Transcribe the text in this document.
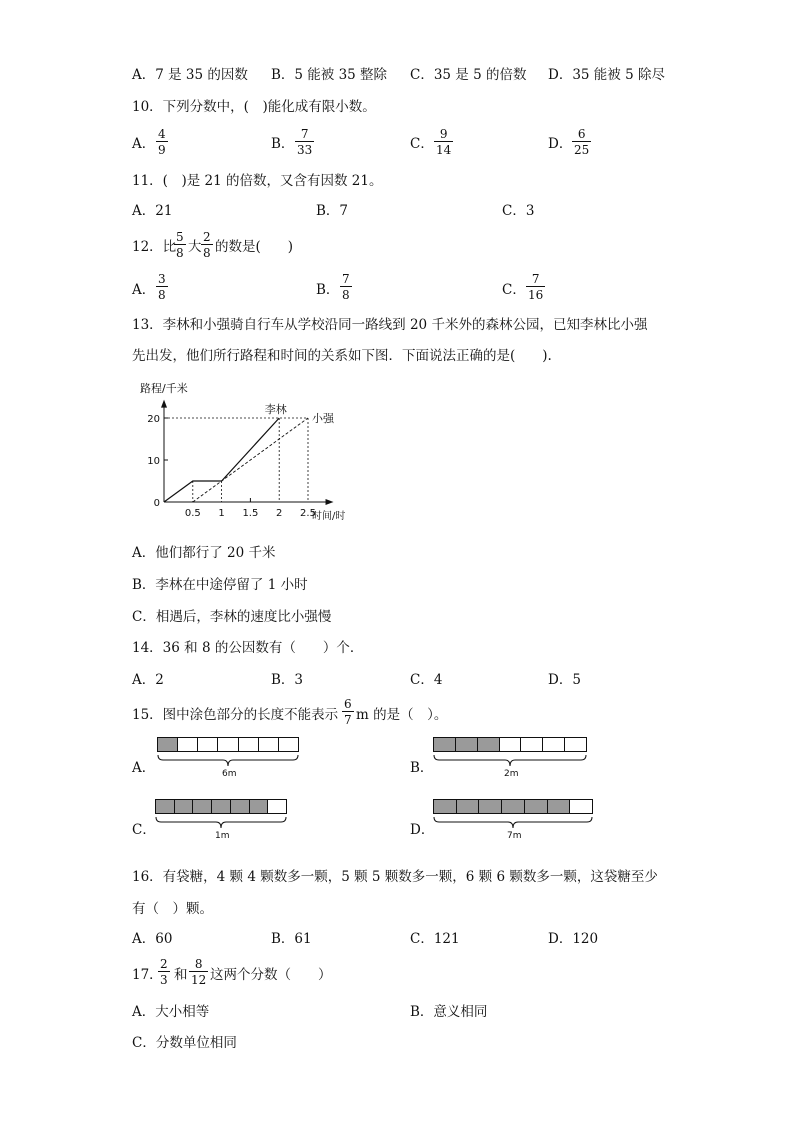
A．7 是 35 的因数 B．5 能被 35 整除 C．35 是 5 的倍数 D．35 能被 5 除尽
10．下列分数中，(　)能化成有限小数。
A． $\frac{4}{9}$	B． $\frac{7}{33}$	C． $\frac{9}{14}$	D． $\frac{6}{25}$
11．(　)是 21 的倍数，又含有因数 21。
A．21	B．7	C．3
12．比
$\frac{5}{8}$ 大 $\frac{2}{8}$ 的数是(　　)
A． $\frac{3}{8}$	B． $\frac{7}{8}$	C． $\frac{7}{16}$
13．李林和小强骑自行车从学校沿同一路线到 20 千米外的森林公园，已知李林比小强
先出发，他们所行路程和时间的关系如下图．下面说法正确的是(　　).
路程/千米
时间/时
0
10
20
0.5 1 1.5 2 2.5
李林
小强
A．他们都行了 20 千米
B．李林在中途停留了 1 小时
C．相遇后，李林的速度比小强慢
14．36 和 8 的公因数有（　　）个．
A．2	B．3	C．4	D．5
15．图中涂色部分的长度不能表示 $\frac{6}{7}$ m 的是（　）。
A．	6m	B．	2m
C．	1m	D．	7m
16．有袋糖，4 颗 4 颗数多一颗，5 颗 5 颗数多一颗，6 颗 6 颗数多一颗，这袋糖至少
有（　）颗。
A．60	B．61	C．121	D．120
17．
$\frac{2}{3}$ 和 $\frac{8}{12}$ 这两个分数（　　）
A．大小相等	B．意义相同
C．分数单位相同
